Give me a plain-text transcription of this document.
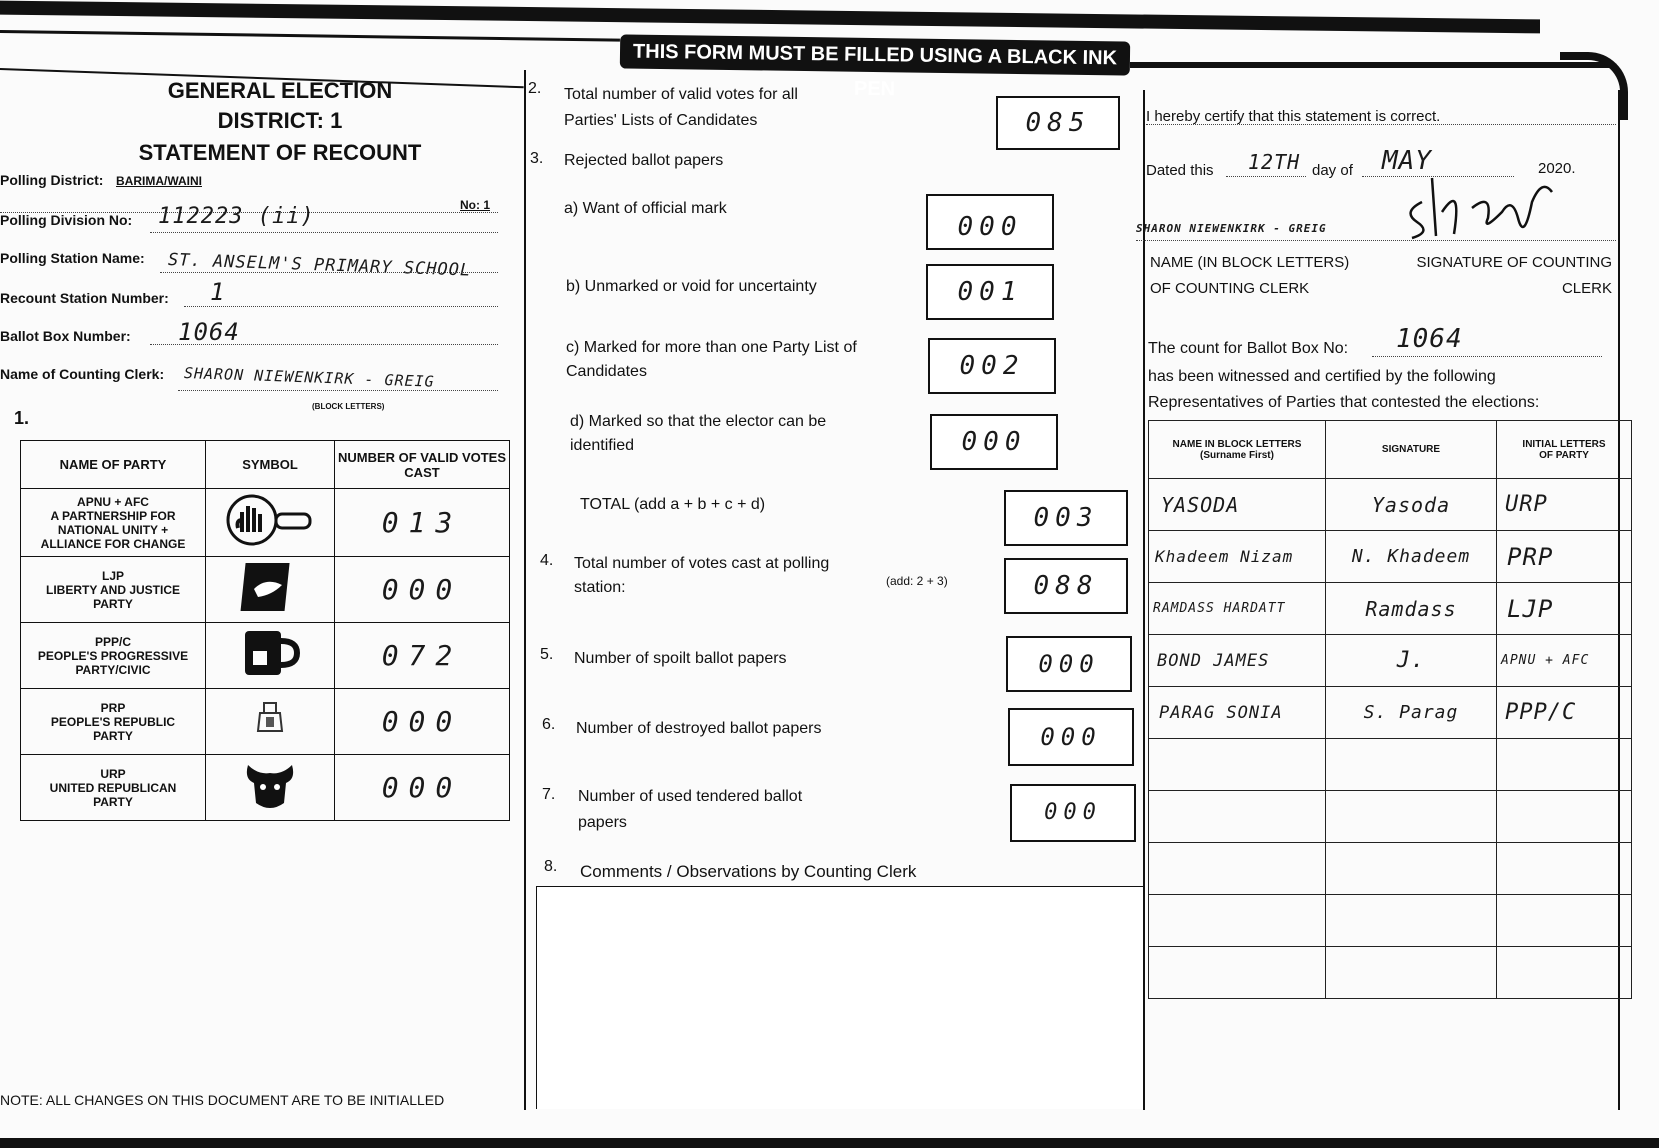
THIS FORM MUST BE FILLED USING A BLACK INK PEN
GENERAL ELECTION
DISTRICT: 1
STATEMENT OF RECOUNT
Polling District: BARIMA/WAINI
No: 1
Polling Division No: 112223 (ii)
Polling Station Name: ST. ANSELM'S PRIMARY SCHOOL
Recount Station Number: 1
Ballot Box Number: 1064
Name of Counting Clerk: SHARON NIEWENKIRK - GREIG
(BLOCK LETTERS)
1.
NAME OF PARTY	SYMBOL	NUMBER OF VALID VOTES CAST
APNU + AFC
A PARTNERSHIP FOR
NATIONAL UNITY +
ALLIANCE FOR CHANGE		013
LJP
LIBERTY AND JUSTICE
PARTY		000
PPP/C
PEOPLE'S PROGRESSIVE
PARTY/CIVIC		072
PRP
PEOPLE'S REPUBLIC
PARTY		000
URP
UNITED REPUBLICAN
PARTY		000
NOTE: ALL CHANGES ON THIS DOCUMENT ARE TO BE INITIALLED
2. Total number of valid votes for all
Parties' Lists of Candidates	085
3. Rejected ballot papers
a) Want of official mark
000
b) Unmarked or void for uncertainty	001
c) Marked for more than one Party List of
Candidates	002
d) Marked so that the elector can be
identified	000
TOTAL (add a + b + c + d)	003
4. Total number of votes cast at polling
station:	(add: 2 + 3)	088
5. Number of spoilt ballot papers	000
6. Number of destroyed ballot papers	000
7. Number of used tendered ballot
papers	000
8. Comments / Observations by Counting Clerk
I hereby certify that this statement is correct.
Dated this 12TH day of MAY	2020.
SHARON NIEWENKIRK - GREIG
NAME (IN BLOCK LETTERS)
OF COUNTING CLERK
SIGNATURE OF COUNTING
CLERK
The count for Ballot Box No: 1064
has been witnessed and certified by the following
Representatives of Parties that contested the elections:
NAME IN BLOCK LETTERS
(Surname First)	SIGNATURE	INITIAL LETTERS
OF PARTY
YASODA	Yasoda	URP
Khadeem Nizam	N. Khadeem	PRP
RAMDASS HARDATT	Ramdass	LJP
BOND JAMES	J.	APNU + AFC
PARAG SONIA	S. Parag	PPP/C
